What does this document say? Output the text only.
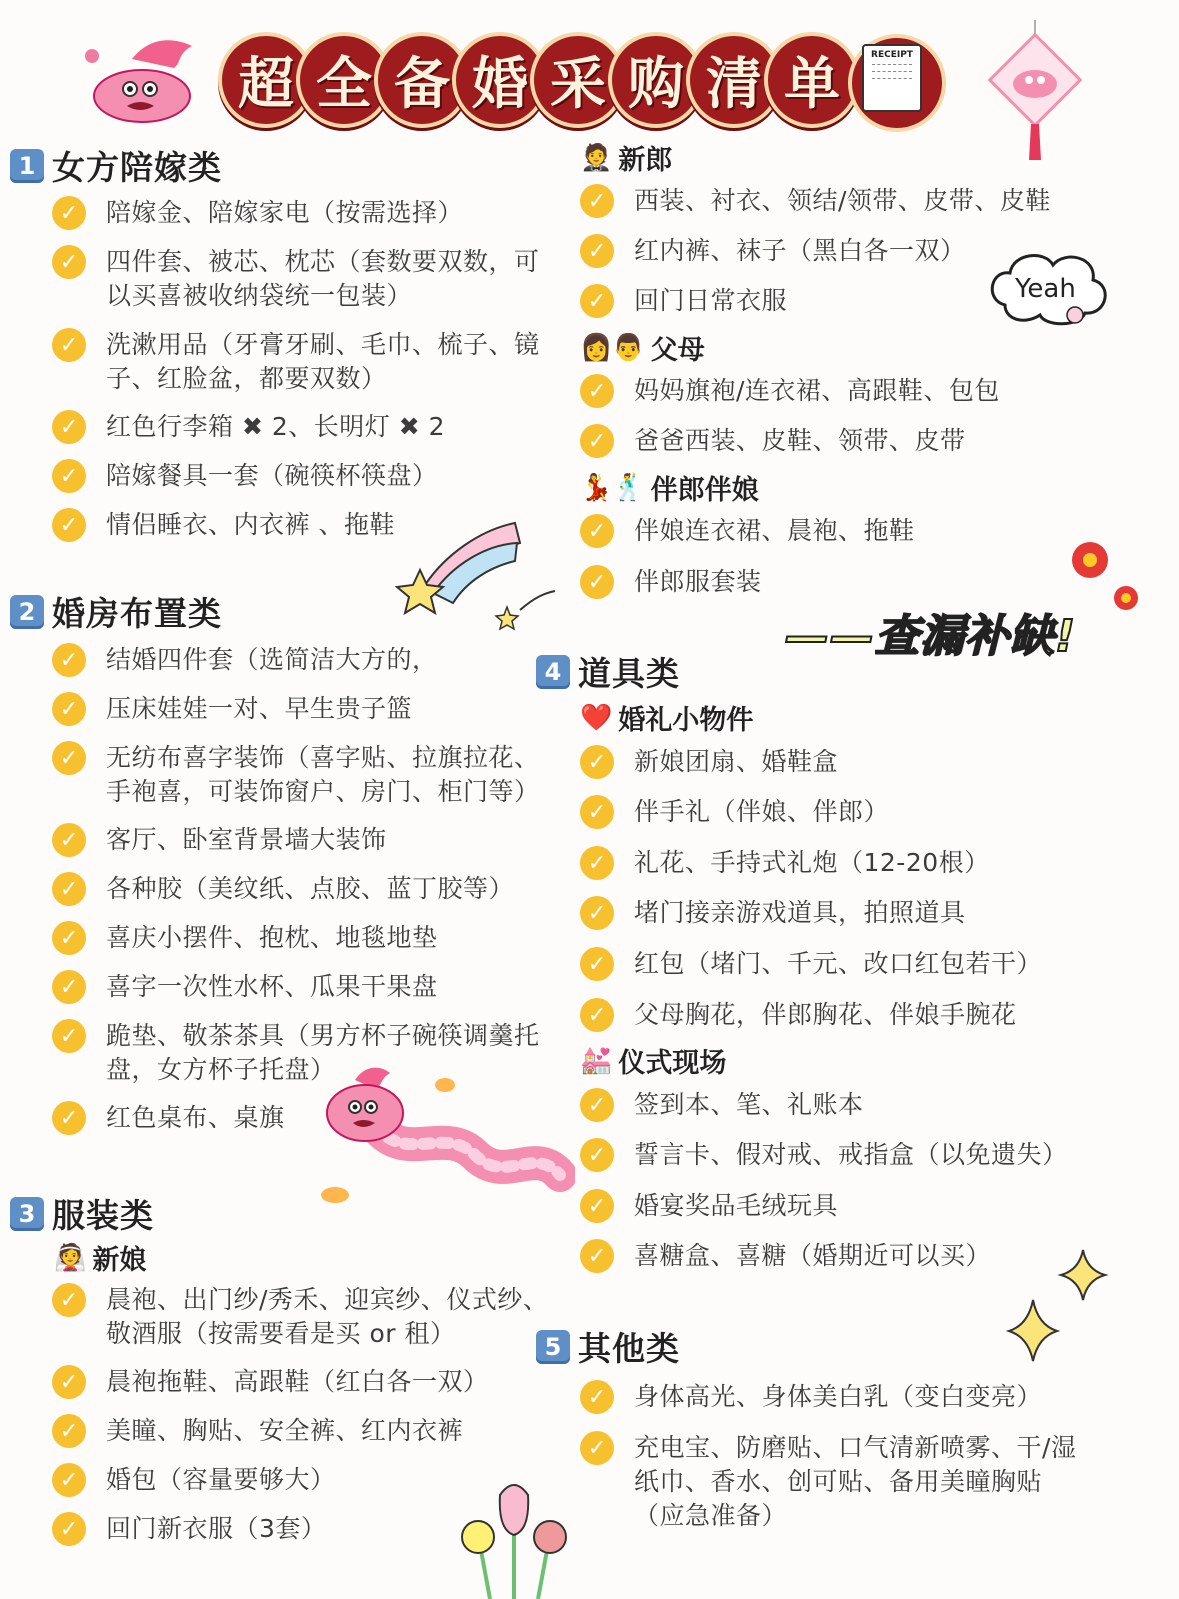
超 全 备 婚 采 购 清 单	RECEIPT
Yeah
——查漏补缺!
1 女方陪嫁类
✓	陪嫁金、陪嫁家电（按需选择）
✓	四件套、被芯、枕芯（套数要双数，可
以买喜被收纳袋统一包装）
✓	洗漱用品（牙膏牙刷、毛巾、梳子、镜
子、红脸盆，都要双数）
✓	红色行李箱 ✖ 2、长明灯 ✖ 2
✓	陪嫁餐具一套（碗筷杯筷盘）
✓	情侣睡衣、内衣裤 、拖鞋
2 婚房布置类
✓	结婚四件套（选简洁大方的，
✓	压床娃娃一对、早生贵子篮
✓	无纺布喜字装饰（喜字贴、拉旗拉花、
手袍喜，可装饰窗户、房门、柜门等）
✓	客厅、卧室背景墙大装饰
✓	各种胶（美纹纸、点胶、蓝丁胶等）
✓	喜庆小摆件、抱枕、地毯地垫
✓	喜字一次性水杯、瓜果干果盘
✓	跪垫、敬茶茶具（男方杯子碗筷调羹托
盘，女方杯子托盘）
✓	红色桌布、桌旗
3 服装类
👰 新娘
✓	晨袍、出门纱/秀禾、迎宾纱、仪式纱、
敬酒服（按需要看是买 or 租）
✓	晨袍拖鞋、高跟鞋（红白各一双）
✓	美瞳、胸贴、安全裤、红内衣裤
✓	婚包（容量要够大）
✓	回门新衣服（3套）
🤵 新郎
✓	西装、衬衣、领结/领带、皮带、皮鞋
✓	红内裤、袜子（黑白各一双）
✓	回门日常衣服
👩👨 父母
✓	妈妈旗袍/连衣裙、高跟鞋、包包
✓	爸爸西装、皮鞋、领带、皮带
💃🕺 伴郎伴娘
✓	伴娘连衣裙、晨袍、拖鞋
✓	伴郎服套装
4 道具类
❤️ 婚礼小物件
✓	新娘团扇、婚鞋盒
✓	伴手礼（伴娘、伴郎）
✓	礼花、手持式礼炮（12-20根）
✓	堵门接亲游戏道具，拍照道具
✓	红包（堵门、千元、改口红包若干）
✓	父母胸花，伴郎胸花、伴娘手腕花
💒 仪式现场
✓	签到本、笔、礼账本
✓	誓言卡、假对戒、戒指盒（以免遗失）
✓	婚宴奖品毛绒玩具
✓	喜糖盒、喜糖（婚期近可以买）
5 其他类
✓	身体高光、身体美白乳（变白变亮）
✓	充电宝、防磨贴、口气清新喷雾、干/湿
纸巾、香水、创可贴、备用美瞳胸贴
（应急准备）
